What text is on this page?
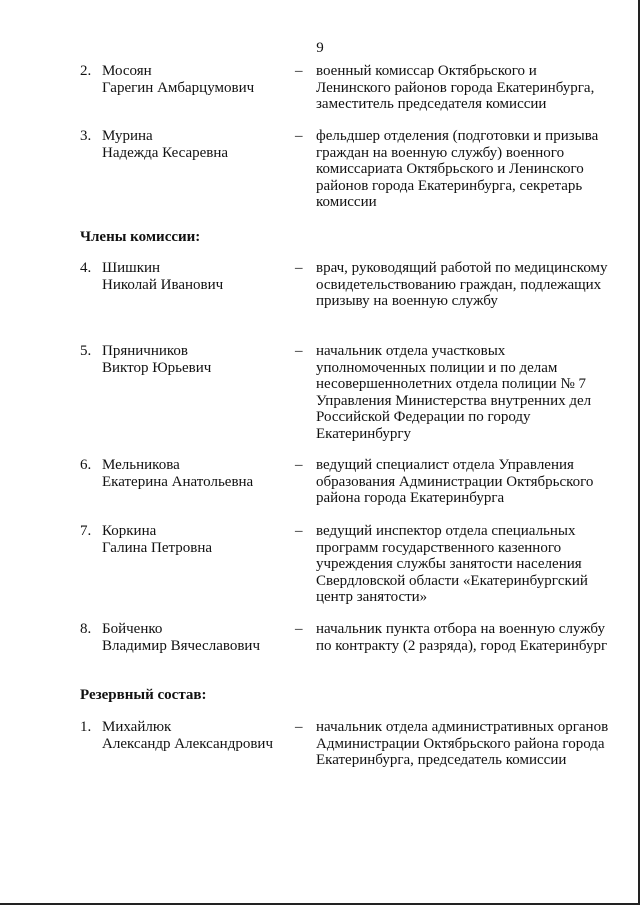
9
2. Мосоян
Гарегин Амбарцумович
– военный комиссар Октябрьского и Ленинского районов города Екатеринбурга, заместитель председателя комиссии
3. Мурина
Надежда Кесаревна
– фельдшер отделения (подготовки и призыва граждан на военную службу) военного комиссариата Октябрьского и Ленинского районов города Екатеринбурга, секретарь комиссии
Члены комиссии:
4. Шишкин
Николай Иванович
– врач, руководящий работой по медицинскому освидетельствованию граждан, подлежащих призыву на военную службу
5. Пряничников
Виктор Юрьевич
– начальник отдела участковых уполномоченных полиции и по делам несовершеннолетних отдела полиции № 7 Управления Министерства внутренних дел Российской Федерации по городу Екатеринбургу
6. Мельникова
Екатерина Анатольевна
– ведущий специалист отдела Управления образования Администрации Октябрьского района города Екатеринбурга
7. Коркина
Галина Петровна
– ведущий инспектор отдела специальных программ государственного казенного учреждения службы занятости населения Свердловской области «Екатеринбургский центр занятости»
8. Бойченко
Владимир Вячеславович
– начальник пункта отбора на военную службу по контракту (2 разряда), город Екатеринбург
Резервный состав:
1. Михайлюк
Александр Александрович
– начальник отдела административных органов Администрации Октябрьского района города Екатеринбурга, председатель комиссии
